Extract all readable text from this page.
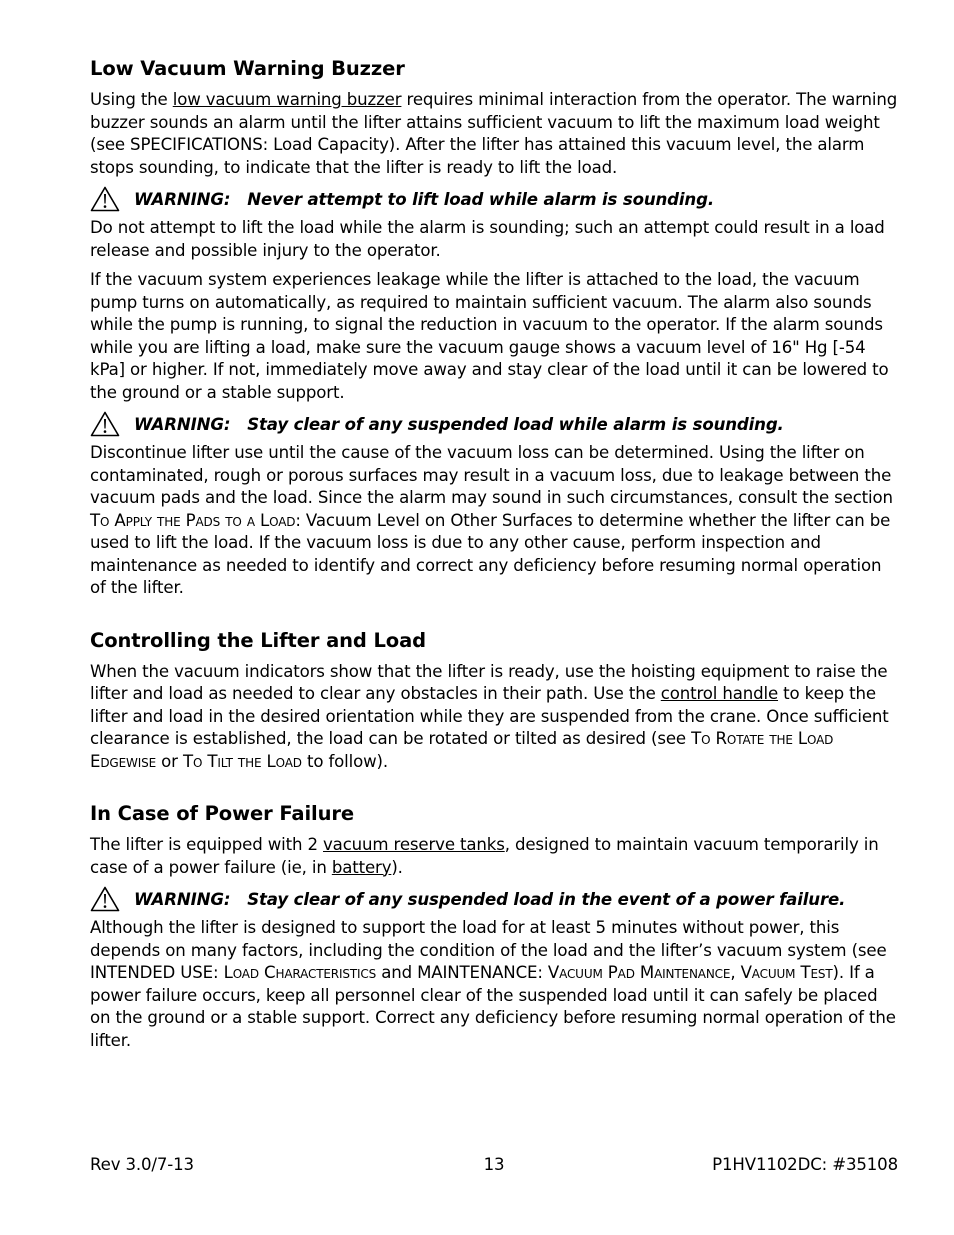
Low Vacuum Warning Buzzer

Using the low vacuum warning buzzer requires minimal interaction from the operator. The warning buzzer sounds an alarm until the lifter attains sufficient vacuum to lift the maximum load weight (see SPECIFICATIONS: Load Capacity). After the lifter has attained this vacuum level, the alarm stops sounding, to indicate that the lifter is ready to lift the load.

WARNING:   Never attempt to lift load while alarm is sounding.

Do not attempt to lift the load while the alarm is sounding; such an attempt could result in a load release and possible injury to the operator.

If the vacuum system experiences leakage while the lifter is attached to the load, the vacuum pump turns on automatically, as required to maintain sufficient vacuum. The alarm also sounds while the pump is running, to signal the reduction in vacuum to the operator. If the alarm sounds while you are lifting a load, make sure the vacuum gauge shows a vacuum level of 16" Hg [-54 kPa] or higher. If not, immediately move away and stay clear of the load until it can be lowered to the ground or a stable support.

WARNING:   Stay clear of any suspended load while alarm is sounding.

Discontinue lifter use until the cause of the vacuum loss can be determined. Using the lifter on contaminated, rough or porous surfaces may result in a vacuum loss, due to leakage between the vacuum pads and the load. Since the alarm may sound in such circumstances, consult the section To Apply the Pads to a Load: Vacuum Level on Other Surfaces to determine whether the lifter can be used to lift the load. If the vacuum loss is due to any other cause, perform inspection and maintenance as needed to identify and correct any deficiency before resuming normal operation of the lifter.

Controlling the Lifter and Load

When the vacuum indicators show that the lifter is ready, use the hoisting equipment to raise the lifter and load as needed to clear any obstacles in their path. Use the control handle to keep the lifter and load in the desired orientation while they are suspended from the crane. Once sufficient clearance is established, the load can be rotated or tilted as desired (see To Rotate the Load Edgewise or To Tilt the Load to follow).

In Case of Power Failure

The lifter is equipped with 2 vacuum reserve tanks, designed to maintain vacuum temporarily in case of a power failure (ie, in battery).

WARNING:   Stay clear of any suspended load in the event of a power failure.

Although the lifter is designed to support the load for at least 5 minutes without power, this depends on many factors, including the condition of the load and the lifter’s vacuum system (see INTENDED USE: Load Characteristics and MAINTENANCE: Vacuum Pad Maintenance, Vacuum Test). If a power failure occurs, keep all personnel clear of the suspended load until it can safely be placed on the ground or a stable support. Correct any deficiency before resuming normal operation of the lifter.

Rev 3.0/7-13	13	P1HV1102DC: #35108
